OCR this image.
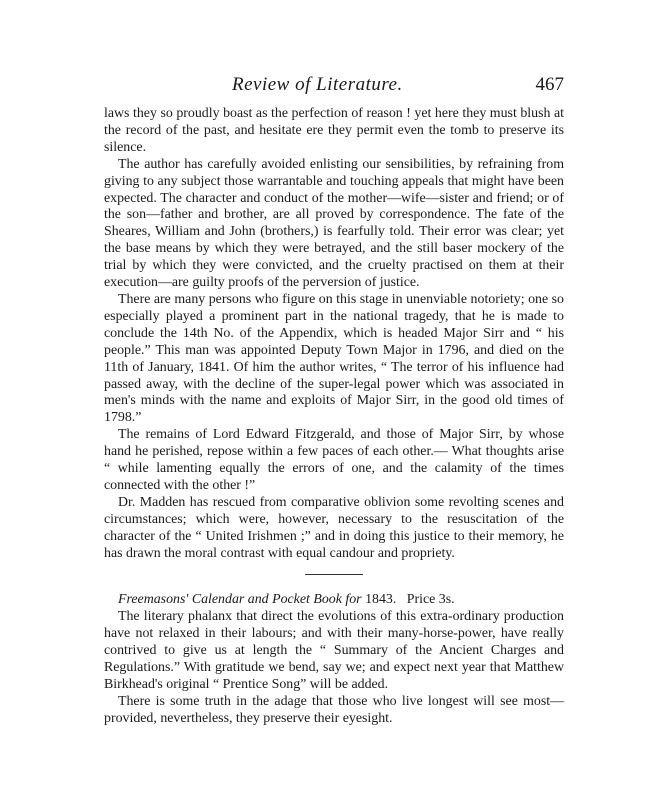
Review of Literature.	467

laws they so proudly boast as the perfection of reason ! yet here they must blush at the record of the past, and hesitate ere they permit even the tomb to preserve its silence.

The author has carefully avoided enlisting our sensibilities, by refraining from giving to any subject those warrantable and touching appeals that might have been expected. The character and conduct of the mother—wife—sister and friend; or of the son—father and brother, are all proved by correspondence. The fate of the Sheares, William and John (brothers,) is fearfully told. Their error was clear; yet the base means by which they were betrayed, and the still baser mockery of the trial by which they were convicted, and the cruelty practised on them at their execution—are guilty proofs of the perversion of justice.

There are many persons who figure on this stage in unenviable notoriety; one so especially played a prominent part in the national tragedy, that he is made to conclude the 14th No. of the Appendix, which is headed Major Sirr and “ his people.” This man was appointed Deputy Town Major in 1796, and died on the 11th of January, 1841. Of him the author writes, “ The terror of his influence had passed away, with the decline of the super-legal power which was associated in men's minds with the name and exploits of Major Sirr, in the good old times of 1798.”

The remains of Lord Edward Fitzgerald, and those of Major Sirr, by whose hand he perished, repose within a few paces of each other.— What thoughts arise “ while lamenting equally the errors of one, and the calamity of the times connected with the other !”

Dr. Madden has rescued from comparative oblivion some revolting scenes and circumstances; which were, however, necessary to the resuscitation of the character of the “ United Irishmen ;” and in doing this justice to their memory, he has drawn the moral contrast with equal candour and propriety.

Freemasons' Calendar and Pocket Book for 1843. Price 3s.

The literary phalanx that direct the evolutions of this extra-ordinary production have not relaxed in their labours; and with their many-horse-power, have really contrived to give us at length the “ Summary of the Ancient Charges and Regulations.” With gratitude we bend, say we; and expect next year that Matthew Birkhead's original “ Prentice Song” will be added.

There is some truth in the adage that those who live longest will see most—provided, nevertheless, they preserve their eyesight.
